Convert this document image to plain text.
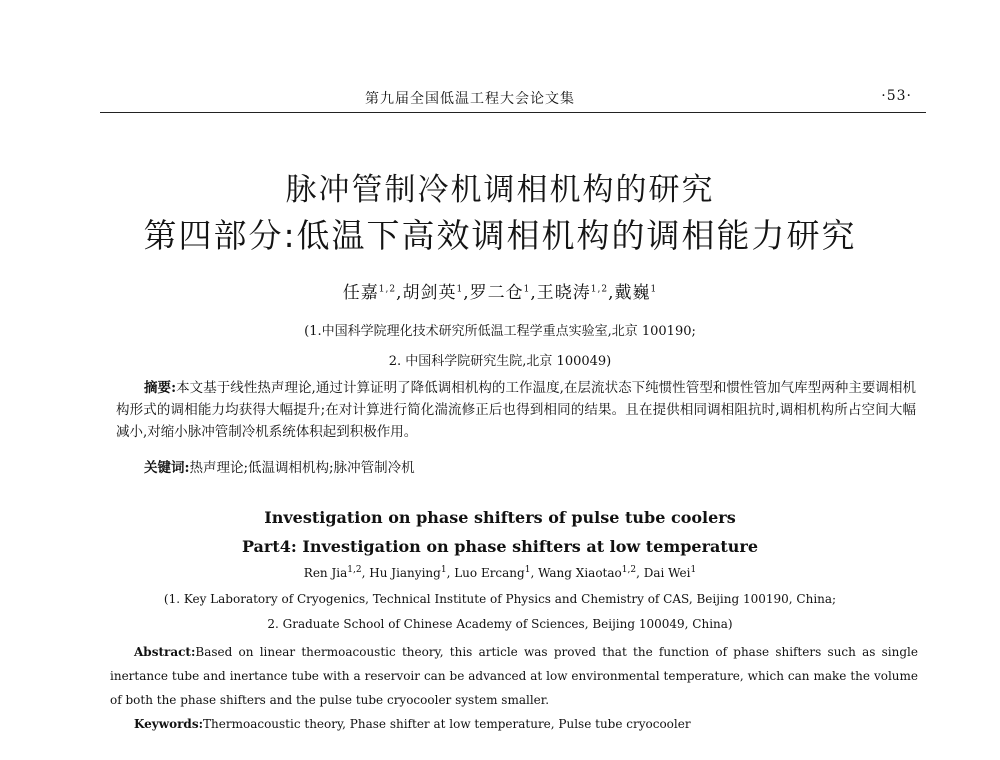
第九届全国低温工程大会论文集	·53·
脉冲管制冷机调相机构的研究
第四部分:低温下高效调相机构的调相能力研究
任嘉$^{1,2}$,胡剑英$^1$,罗二仓$^1$,王晓涛$^{1,2}$,戴巍$^1$
(1.中国科学院理化技术研究所低温工程学重点实验室,北京 100190;
2. 中国科学院研究生院,北京 100049)
摘要:本文基于线性热声理论,通过计算证明了降低调相机构的工作温度,在层流状态下纯惯性管型和惯性管加气库型两种主要调相机构形式的调相能力均获得大幅提升;在对计算进行简化湍流修正后也得到相同的结果。且在提供相同调相阻抗时,调相机构所占空间大幅减小,对缩小脉冲管制冷机系统体积起到积极作用。
关键词:热声理论;低温调相机构;脉冲管制冷机
Investigation on phase shifters of pulse tube coolers
Part4: Investigation on phase shifters at low temperature
Ren Jia$^{1,2}$, Hu Jianying$^1$, Luo Ercang$^1$, Wang Xiaotao$^{1,2}$, Dai Wei$^1$
(1. Key Laboratory of Cryogenics, Technical Institute of Physics and Chemistry of CAS, Beijing 100190, China;
2. Graduate School of Chinese Academy of Sciences, Beijing 100049, China)
Abstract:Based on linear thermoacoustic theory, this article was proved that the function of phase shifters such as single inertance tube and inertance tube with a reservoir can be advanced at low environmental temperature, which can make the volume of both the phase shifters and the pulse tube cryocooler system smaller.
Keywords:Thermoacoustic theory, Phase shifter at low temperature, Pulse tube cryocooler
